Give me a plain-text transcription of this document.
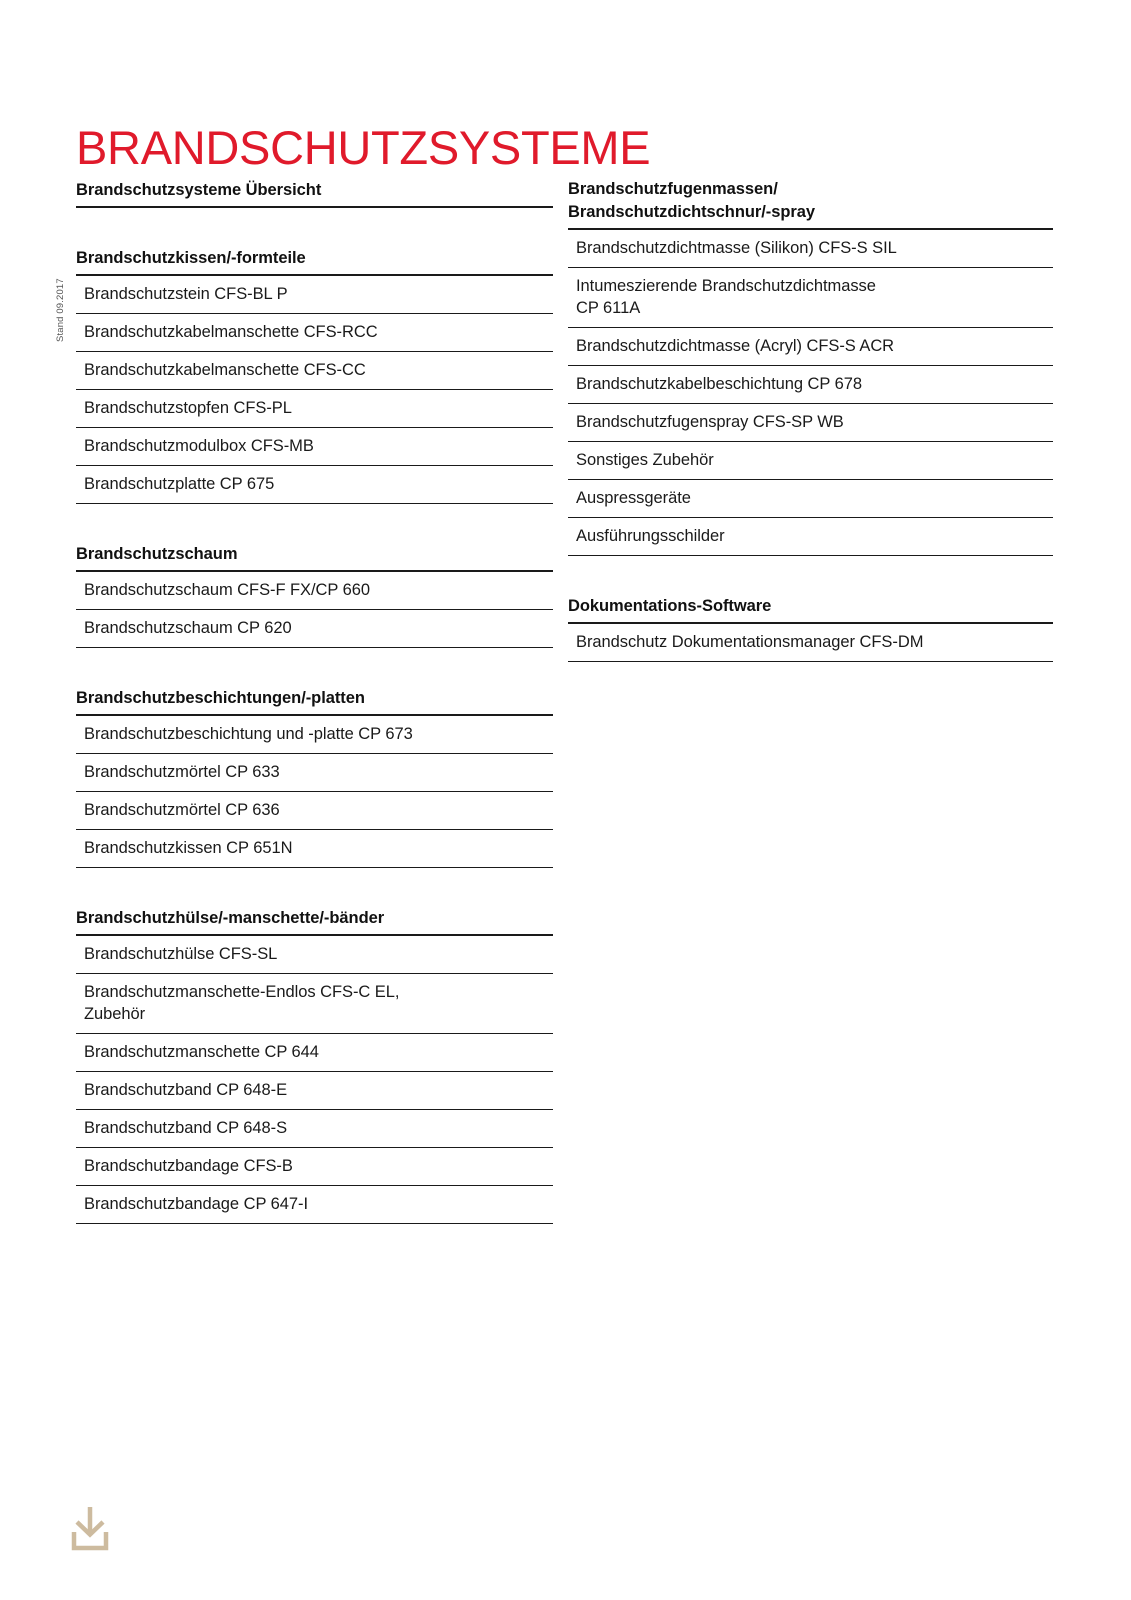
BRANDSCHUTZSYSTEME
Stand 09.2017
Brandschutzsysteme Übersicht
Brandschutzkissen/-formteile
Brandschutzstein CFS-BL P
Brandschutzkabelmanschette CFS-RCC
Brandschutzkabelmanschette CFS-CC
Brandschutzstopfen CFS-PL
Brandschutzmodulbox CFS-MB
Brandschutzplatte CP 675
Brandschutzschaum
Brandschutzschaum CFS-F FX/CP 660
Brandschutzschaum CP 620
Brandschutzbeschichtungen/-platten
Brandschutzbeschichtung und -platte CP 673
Brandschutzmörtel CP 633
Brandschutzmörtel CP 636
Brandschutzkissen CP 651N
Brandschutzhülse/-manschette/-bänder
Brandschutzhülse CFS-SL
Brandschutzmanschette-Endlos CFS-C EL,
Zubehör
Brandschutzmanschette CP 644
Brandschutzband CP 648-E
Brandschutzband CP 648-S
Brandschutzbandage CFS-B
Brandschutzbandage CP 647-I
Brandschutzfugenmassen/
Brandschutzdichtschnur/-spray
Brandschutzdichtmasse (Silikon) CFS-S SIL
Intumeszierende Brandschutzdichtmasse
CP 611A
Brandschutzdichtmasse (Acryl) CFS-S ACR
Brandschutzkabelbeschichtung CP 678
Brandschutzfugenspray CFS-SP WB
Sonstiges Zubehör
Auspressgeräte
Ausführungsschilder
Dokumentations-Software
Brandschutz Dokumentationsmanager CFS-DM
